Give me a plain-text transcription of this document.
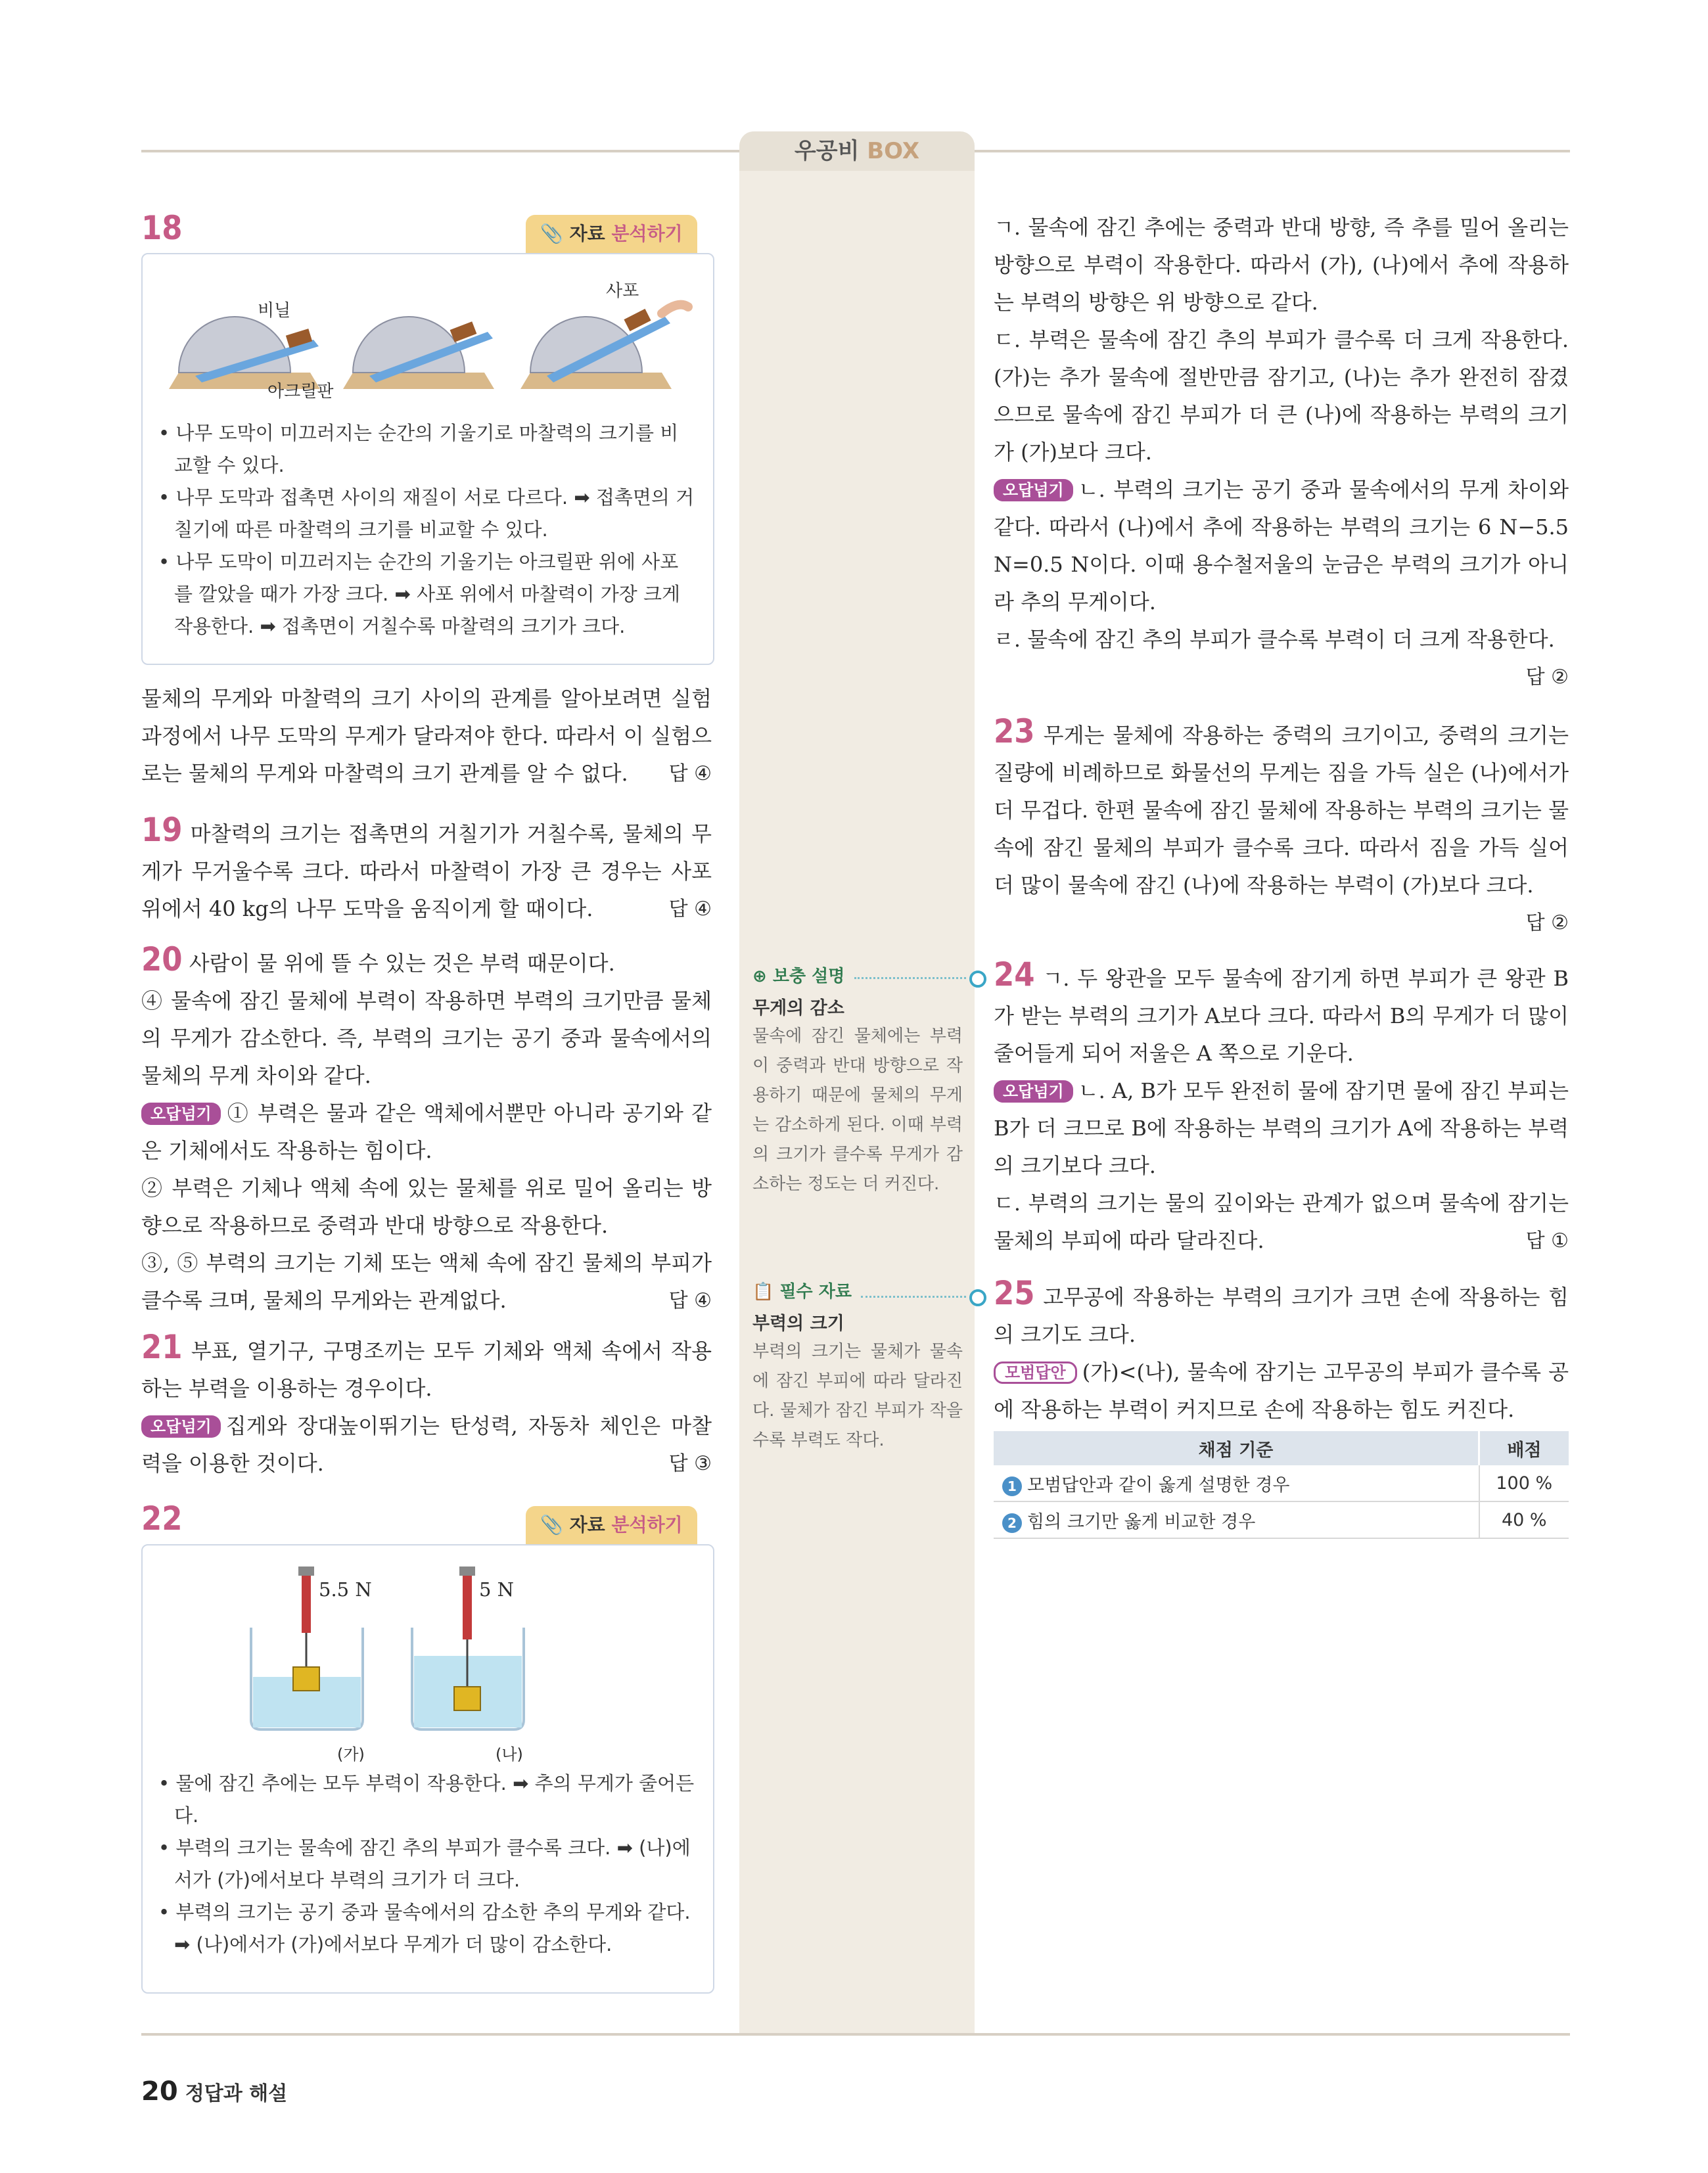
우공비 BOX
18	📎 자료 분석하기
비닐
사포
아크릴판
• 나무 도막이 미끄러지는 순간의 기울기로 마찰력의 크기를 비교할 수 있다.
• 나무 도막과 접촉면 사이의 재질이 서로 다르다. ➡ 접촉면의 거칠기에 따른 마찰력의 크기를 비교할 수 있다.
• 나무 도막이 미끄러지는 순간의 기울기는 아크릴판 위에 사포를 깔았을 때가 가장 크다. ➡ 사포 위에서 마찰력이 가장 크게 작용한다. ➡ 접촉면이 거칠수록 마찰력의 크기가 크다.
물체의 무게와 마찰력의 크기 사이의 관계를 알아보려면 실험 과정에서 나무 도막의 무게가 달라져야 한다. 따라서 이 실험으로는 물체의 무게와 마찰력의 크기 관계를 알 수 없다. 답 ④
19 마찰력의 크기는 접촉면의 거칠기가 거칠수록, 물체의 무게가 무거울수록 크다. 따라서 마찰력이 가장 큰 경우는 사포 위에서 40 kg의 나무 도막을 움직이게 할 때이다.	답 ④
20 사람이 물 위에 뜰 수 있는 것은 부력 때문이다.
④ 물속에 잠긴 물체에 부력이 작용하면 부력의 크기만큼 물체의 무게가 감소한다. 즉, 부력의 크기는 공기 중과 물속에서의 물체의 무게 차이와 같다.
오답넘기 ① 부력은 물과 같은 액체에서뿐만 아니라 공기와 같은 기체에서도 작용하는 힘이다.
② 부력은 기체나 액체 속에 있는 물체를 위로 밀어 올리는 방향으로 작용하므로 중력과 반대 방향으로 작용한다.
③, ⑤ 부력의 크기는 기체 또는 액체 속에 잠긴 물체의 부피가 클수록 크며, 물체의 무게와는 관계없다.	답 ④
21 부표, 열기구, 구명조끼는 모두 기체와 액체 속에서 작용하는 부력을 이용하는 경우이다.
오답넘기 집게와 장대높이뛰기는 탄성력, 자동차 체인은 마찰력을 이용한 것이다.	답 ③
22	📎 자료 분석하기
5.5 N	5 N
(가)	(나)
• 물에 잠긴 추에는 모두 부력이 작용한다. ➡ 추의 무게가 줄어든다.
• 부력의 크기는 물속에 잠긴 추의 부피가 클수록 크다. ➡ (나)에서가 (가)에서보다 부력의 크기가 더 크다.
• 부력의 크기는 공기 중과 물속에서의 감소한 추의 무게와 같다. ➡ (나)에서가 (가)에서보다 무게가 더 많이 감소한다.
⊕ 보충 설명
무게의 감소
물속에 잠긴 물체에는 부력이 중력과 반대 방향으로 작용하기 때문에 물체의 무게는 감소하게 된다. 이때 부력의 크기가 클수록 무게가 감소하는 정도는 더 커진다.
📋 필수 자료
부력의 크기
부력의 크기는 물체가 물속에 잠긴 부피에 따라 달라진다. 물체가 잠긴 부피가 작을수록 부력도 작다.
ㄱ. 물속에 잠긴 추에는 중력과 반대 방향, 즉 추를 밀어 올리는 방향으로 부력이 작용한다. 따라서 (가), (나)에서 추에 작용하는 부력의 방향은 위 방향으로 같다.
ㄷ. 부력은 물속에 잠긴 추의 부피가 클수록 더 크게 작용한다. (가)는 추가 물속에 절반만큼 잠기고, (나)는 추가 완전히 잠겼으므로 물속에 잠긴 부피가 더 큰 (나)에 작용하는 부력의 크기가 (가)보다 크다.
오답넘기 ㄴ. 부력의 크기는 공기 중과 물속에서의 무게 차이와 같다. 따라서 (나)에서 추에 작용하는 부력의 크기는 6 N−5.5 N=0.5 N이다. 이때 용수철저울의 눈금은 부력의 크기가 아니라 추의 무게이다.
ㄹ. 물속에 잠긴 추의 부피가 클수록 부력이 더 크게 작용한다.
답 ②
23 무게는 물체에 작용하는 중력의 크기이고, 중력의 크기는 질량에 비례하므로 화물선의 무게는 짐을 가득 실은 (나)에서가 더 무겁다. 한편 물속에 잠긴 물체에 작용하는 부력의 크기는 물속에 잠긴 물체의 부피가 클수록 크다. 따라서 짐을 가득 실어 더 많이 물속에 잠긴 (나)에 작용하는 부력이 (가)보다 크다.
답 ②
24 ㄱ. 두 왕관을 모두 물속에 잠기게 하면 부피가 큰 왕관 B가 받는 부력의 크기가 A보다 크다. 따라서 B의 무게가 더 많이 줄어들게 되어 저울은 A 쪽으로 기운다.
오답넘기 ㄴ. A, B가 모두 완전히 물에 잠기면 물에 잠긴 부피는 B가 더 크므로 B에 작용하는 부력의 크기가 A에 작용하는 부력의 크기보다 크다.
ㄷ. 부력의 크기는 물의 깊이와는 관계가 없으며 물속에 잠기는 물체의 부피에 따라 달라진다.	답 ①
25 고무공에 작용하는 부력의 크기가 크면 손에 작용하는 힘의 크기도 크다.
모범답안 (가)<(나), 물속에 잠기는 고무공의 부피가 클수록 공에 작용하는 부력이 커지므로 손에 작용하는 힘도 커진다.
채점 기준	배점
1 모범답안과 같이 옳게 설명한 경우	100 %
2 힘의 크기만 옳게 비교한 경우	40 %
20 정답과 해설
